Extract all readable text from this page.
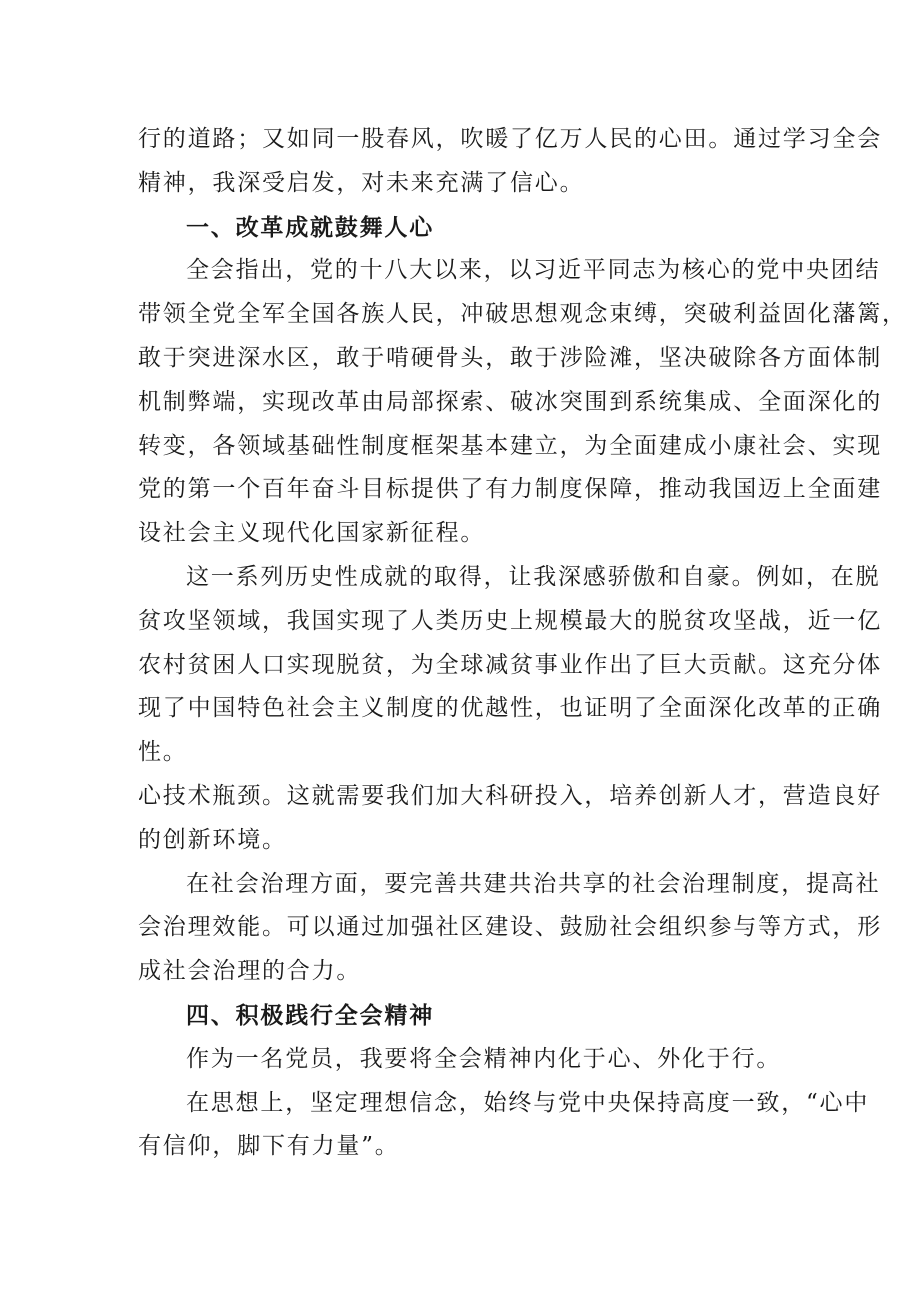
行的道路；又如同一股春风，吹暖了亿万人民的心田。通过学习全会
精神，我深受启发，对未来充满了信心。
一、改革成就鼓舞人心
全会指出，党的十八大以来，以习近平同志为核心的党中央团结
带领全党全军全国各族人民，冲破思想观念束缚，突破利益固化藩篱，
敢于突进深水区，敢于啃硬骨头，敢于涉险滩，坚决破除各方面体制
机制弊端，实现改革由局部探索、破冰突围到系统集成、全面深化的
转变，各领域基础性制度框架基本建立，为全面建成小康社会、实现
党的第一个百年奋斗目标提供了有力制度保障，推动我国迈上全面建
设社会主义现代化国家新征程。
这一系列历史性成就的取得，让我深感骄傲和自豪。例如，在脱
贫攻坚领域，我国实现了人类历史上规模最大的脱贫攻坚战，近一亿
农村贫困人口实现脱贫，为全球减贫事业作出了巨大贡献。这充分体
现了中国特色社会主义制度的优越性，也证明了全面深化改革的正确
性。
心技术瓶颈。这就需要我们加大科研投入，培养创新人才，营造良好
的创新环境。
在社会治理方面，要完善共建共治共享的社会治理制度，提高社
会治理效能。可以通过加强社区建设、鼓励社会组织参与等方式，形
成社会治理的合力。
四、积极践行全会精神
作为一名党员，我要将全会精神内化于心、外化于行。
在思想上，坚定理想信念，始终与党中央保持高度一致，“心中
有信仰，脚下有力量”。
